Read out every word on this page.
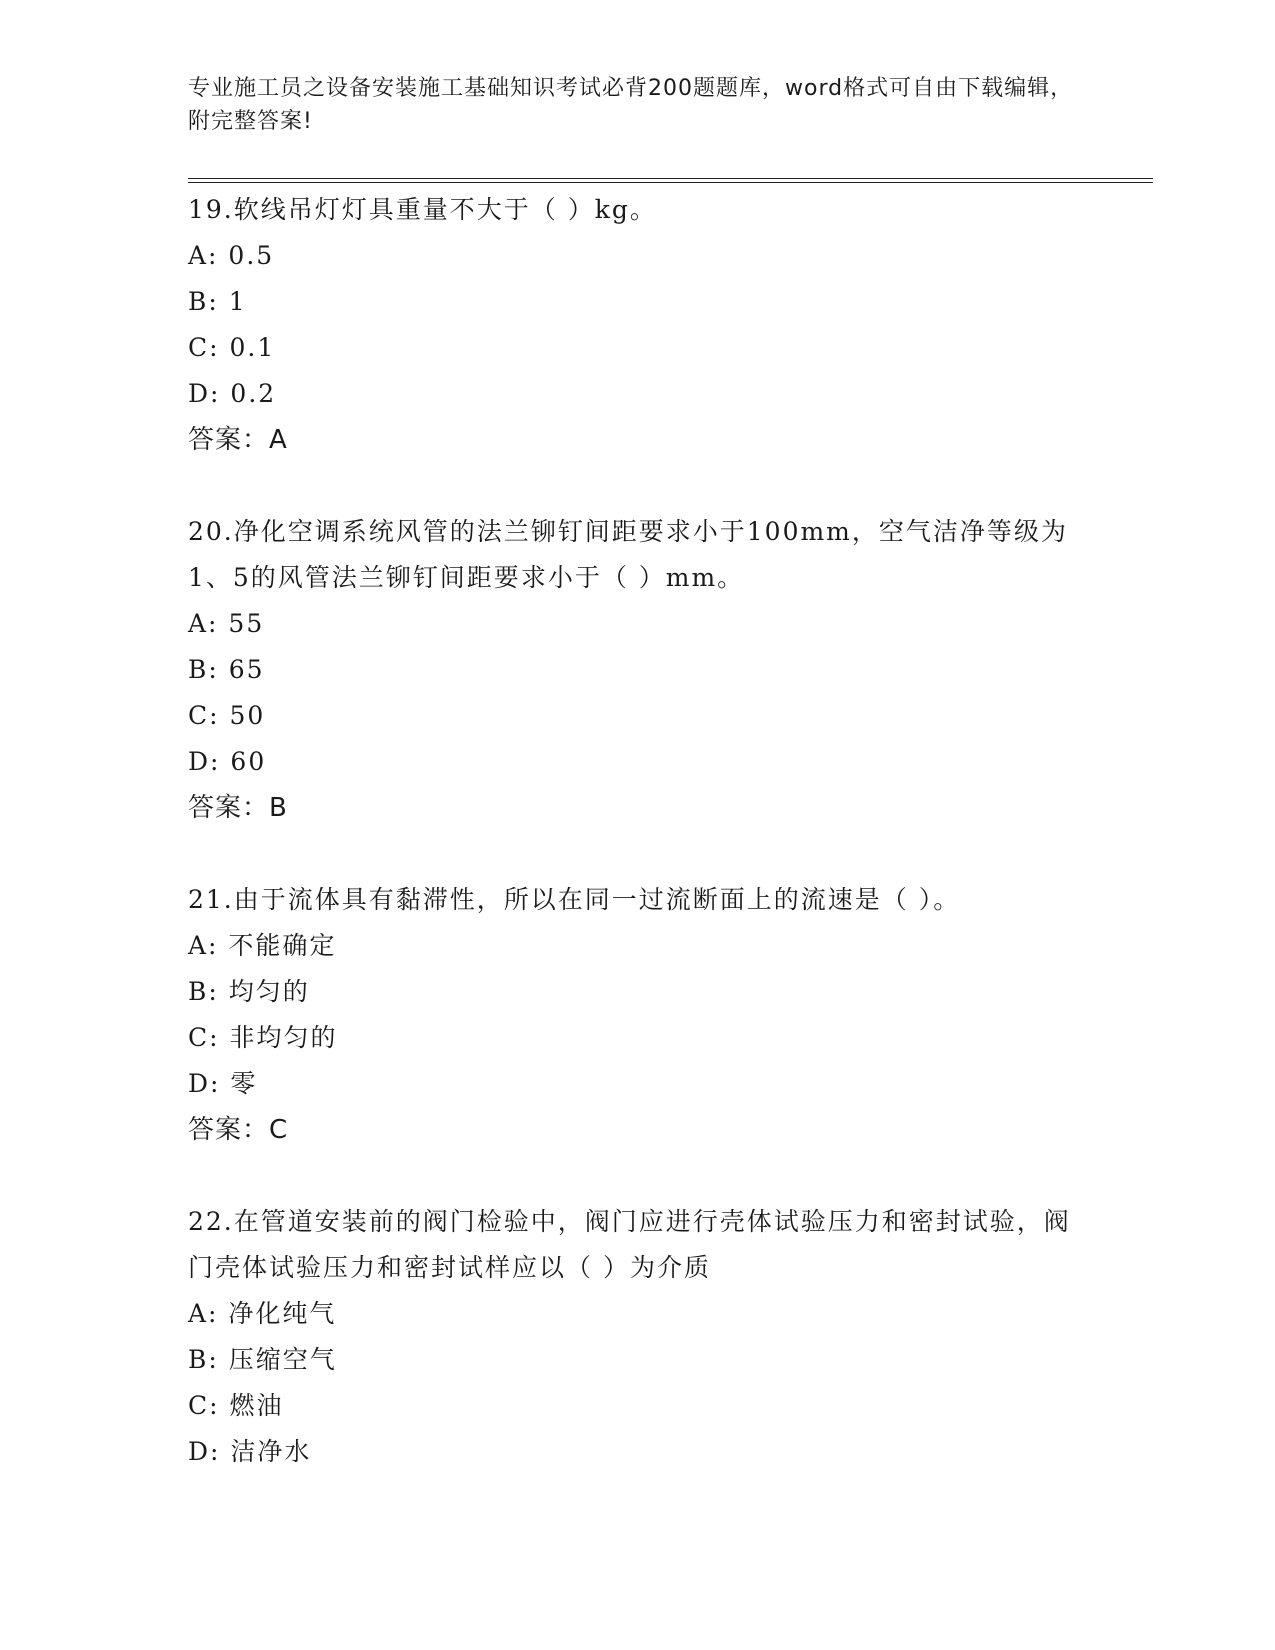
专业施工员之设备安装施工基础知识考试必背200题题库，word格式可自由下载编辑，附完整答案!
19.软线吊灯灯具重量不大于（ ）kg。
A: 0.5
B: 1
C: 0.1
D: 0.2
答案：A
20.净化空调系统风管的法兰铆钉间距要求小于100mm，空气洁净等级为1、5的风管法兰铆钉间距要求小于（ ）mm。
A: 55
B: 65
C: 50
D: 60
答案：B
21.由于流体具有黏滞性，所以在同一过流断面上的流速是（ ）。
A: 不能确定
B: 均匀的
C: 非均匀的
D: 零
答案：C
22.在管道安装前的阀门检验中，阀门应进行壳体试验压力和密封试验，阀门壳体试验压力和密封试样应以（ ）为介质
A: 净化纯气
B: 压缩空气
C: 燃油
D: 洁净水
